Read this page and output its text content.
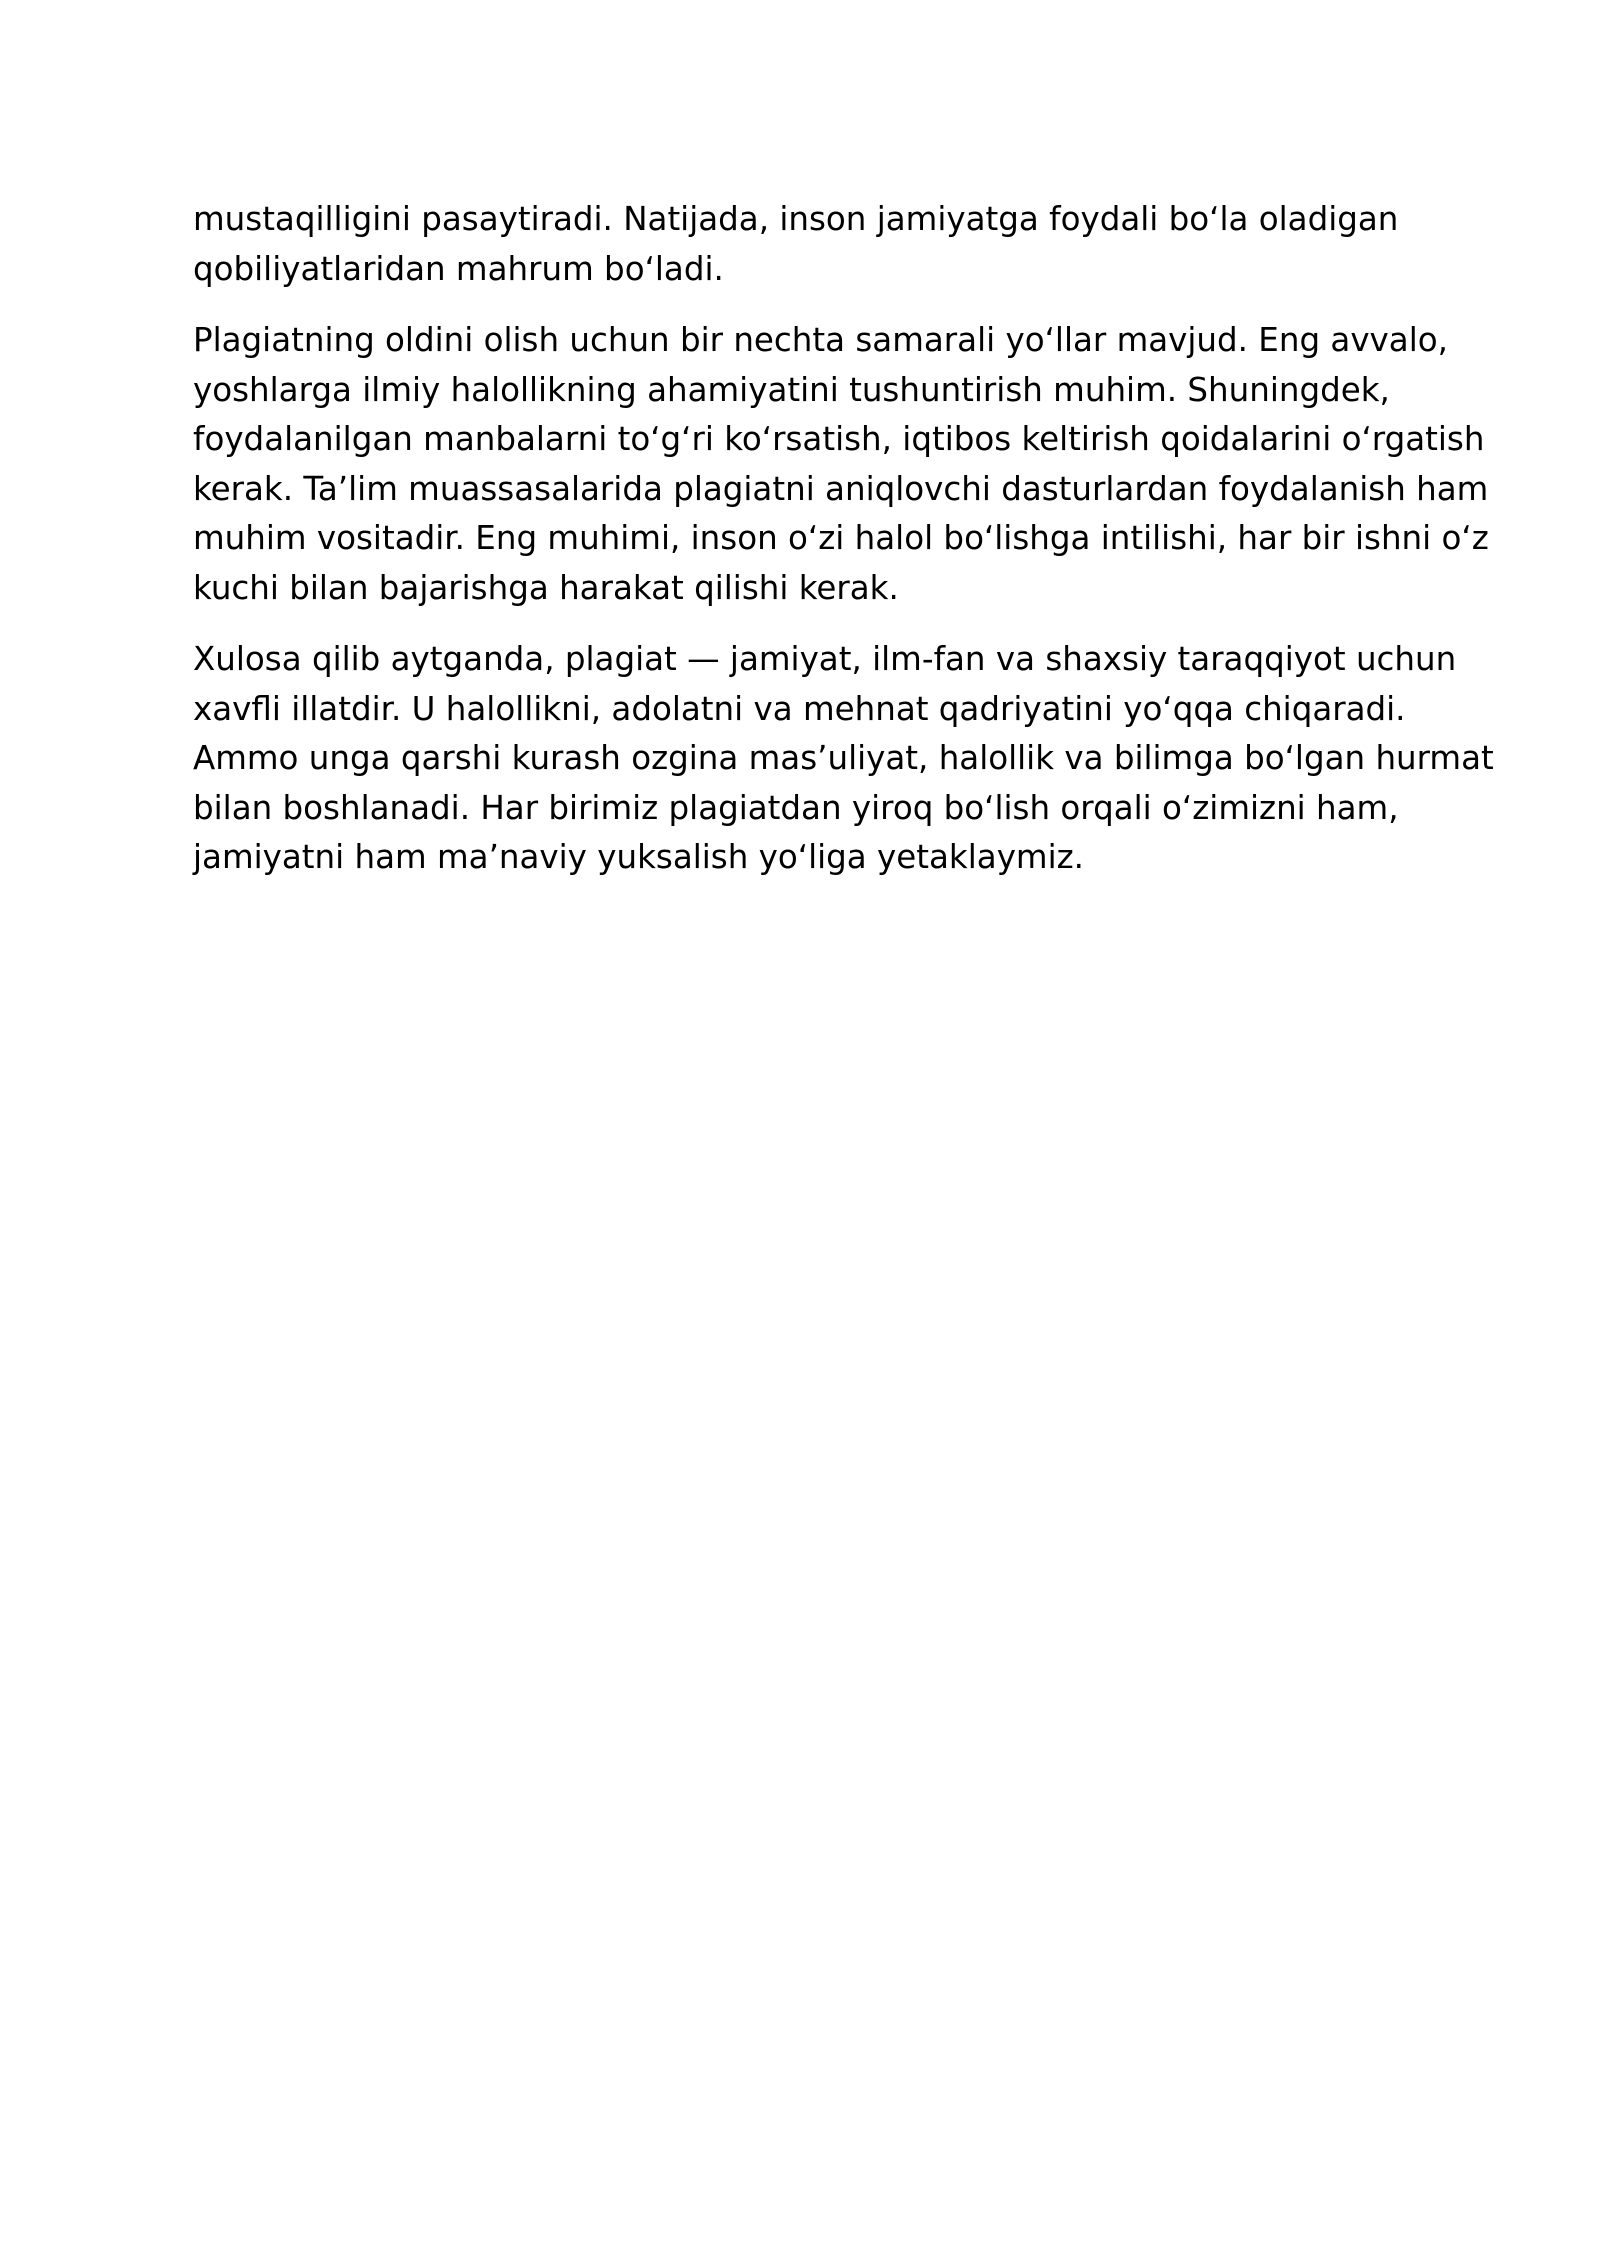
mustaqilligini pasaytiradi. Natijada, inson jamiyatga foydali bo‘la oladigan
qobiliyatlaridan mahrum bo‘ladi.

Plagiatning oldini olish uchun bir nechta samarali yo‘llar mavjud. Eng avvalo,
yoshlarga ilmiy halollikning ahamiyatini tushuntirish muhim. Shuningdek,
foydalanilgan manbalarni to‘g‘ri ko‘rsatish, iqtibos keltirish qoidalarini o‘rgatish
kerak. Ta’lim muassasalarida plagiatni aniqlovchi dasturlardan foydalanish ham
muhim vositadir. Eng muhimi, inson o‘zi halol bo‘lishga intilishi, har bir ishni o‘z
kuchi bilan bajarishga harakat qilishi kerak.

Xulosa qilib aytganda, plagiat — jamiyat, ilm-fan va shaxsiy taraqqiyot uchun
xavfli illatdir. U halollikni, adolatni va mehnat qadriyatini yo‘qqa chiqaradi.
Ammo unga qarshi kurash ozgina mas’uliyat, halollik va bilimga bo‘lgan hurmat
bilan boshlanadi. Har birimiz plagiatdan yiroq bo‘lish orqali o‘zimizni ham,
jamiyatni ham ma’naviy yuksalish yo‘liga yetaklaymiz.
